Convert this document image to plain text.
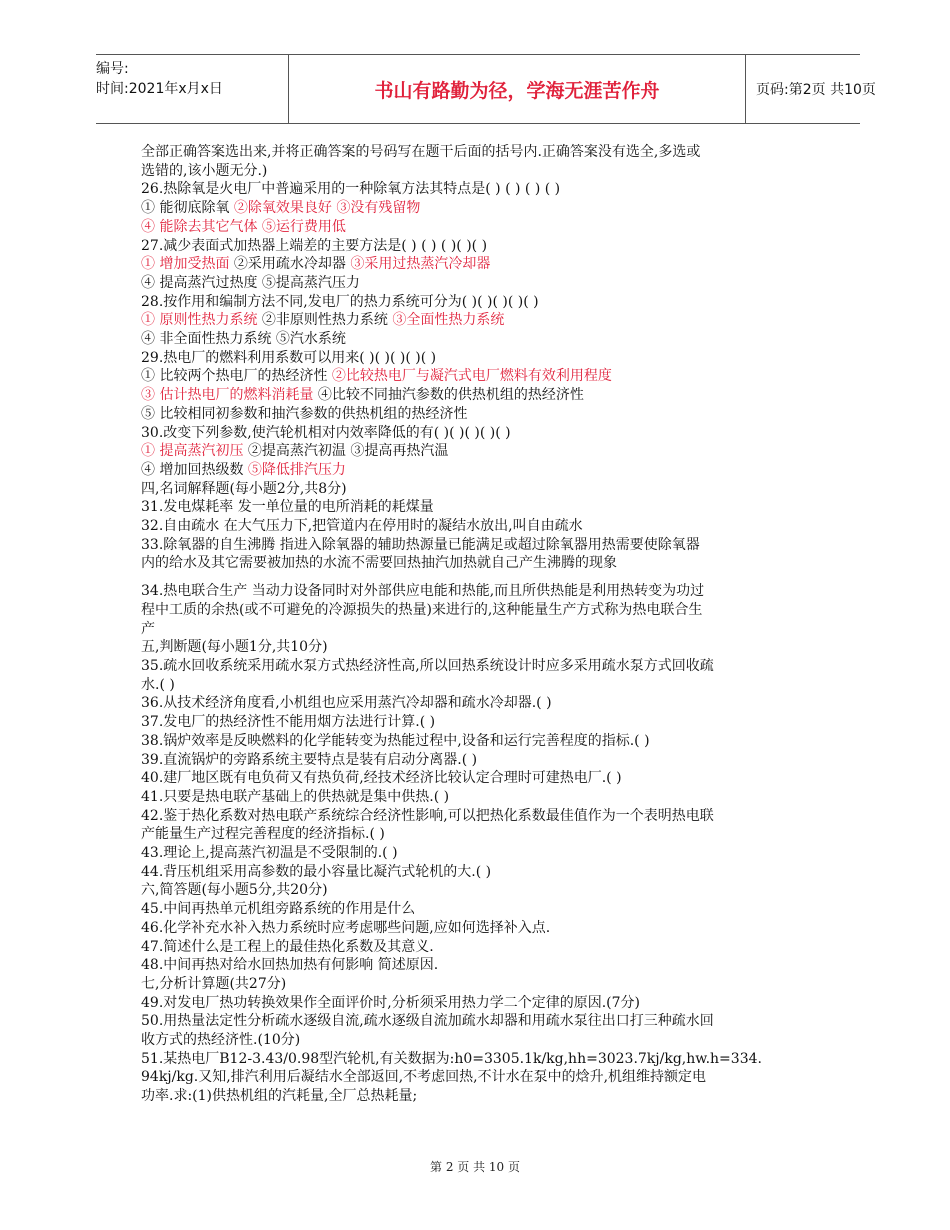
编号:
时间:2021年x月x日	书山有路勤为径，学海无涯苦作舟	页码:第2页 共10页
全部正确答案选出来,并将正确答案的号码写在题干后面的括号内.正确答案没有选全,多选或
选错的,该小题无分.)
26.热除氧是火电厂中普遍采用的一种除氧方法其特点是( ) ( ) ( ) ( )
① 能彻底除氧 ②除氧效果良好 ③没有残留物
④ 能除去其它气体 ⑤运行费用低
27.减少表面式加热器上端差的主要方法是( ) ( ) ( )( )( )
① 增加受热面 ②采用疏水冷却器 ③采用过热蒸汽冷却器
④ 提高蒸汽过热度 ⑤提高蒸汽压力
28.按作用和编制方法不同,发电厂的热力系统可分为( )( )( )( )( )
① 原则性热力系统 ②非原则性热力系统 ③全面性热力系统
④ 非全面性热力系统 ⑤汽水系统
29.热电厂的燃料利用系数可以用来( )( )( )( )( )
① 比较两个热电厂的热经济性 ②比较热电厂与凝汽式电厂燃料有效利用程度
③ 估计热电厂的燃料消耗量 ④比较不同抽汽参数的供热机组的热经济性
⑤ 比较相同初参数和抽汽参数的供热机组的热经济性
30.改变下列参数,使汽轮机相对内效率降低的有( )( )( )( )( )
① 提高蒸汽初压 ②提高蒸汽初温 ③提高再热汽温
④ 增加回热级数 ⑤降低排汽压力
四,名词解释题(每小题2分,共8分)
31.发电煤耗率 发一单位量的电所消耗的耗煤量
32.自由疏水 在大气压力下,把管道内在停用时的凝结水放出,叫自由疏水
33.除氧器的自生沸腾 指进入除氧器的辅助热源量已能满足或超过除氧器用热需要使除氧器
内的给水及其它需要被加热的水流不需要回热抽汽加热就自己产生沸腾的现象
34.热电联合生产 当动力设备同时对外部供应电能和热能,而且所供热能是利用热转变为功过
程中工质的余热(或不可避免的冷源损失的热量)来进行的,这种能量生产方式称为热电联合生
产
五,判断题(每小题1分,共10分)
35.疏水回收系统采用疏水泵方式热经济性高,所以回热系统设计时应多采用疏水泵方式回收疏
水.( )
36.从技术经济角度看,小机组也应采用蒸汽冷却器和疏水冷却器.( )
37.发电厂的热经济性不能用烟方法进行计算.( )
38.锅炉效率是反映燃料的化学能转变为热能过程中,设备和运行完善程度的指标.( )
39.直流锅炉的旁路系统主要特点是装有启动分离器.( )
40.建厂地区既有电负荷又有热负荷,经技术经济比较认定合理时可建热电厂.( )
41.只要是热电联产基础上的供热就是集中供热.( )
42.鉴于热化系数对热电联产系统综合经济性影响,可以把热化系数最佳值作为一个表明热电联
产能量生产过程完善程度的经济指标.( )
43.理论上,提高蒸汽初温是不受限制的.( )
44.背压机组采用高参数的最小容量比凝汽式轮机的大.( )
六,简答题(每小题5分,共20分)
45.中间再热单元机组旁路系统的作用是什么
46.化学补充水补入热力系统时应考虑哪些问题,应如何选择补入点.
47.简述什么是工程上的最佳热化系数及其意义.
48.中间再热对给水回热加热有何影响 简述原因.
七,分析计算题(共27分)
49.对发电厂热功转换效果作全面评价时,分析须采用热力学二个定律的原因.(7分)
50.用热量法定性分析疏水逐级自流,疏水逐级自流加疏水却器和用疏水泵往出口打三种疏水回
收方式的热经济性.(10分)
51.某热电厂B12-3.43/0.98型汽轮机,有关数据为:h0=3305.1k/kg,hh=3023.7kj/kg,hw.h=334.
94kj/kg.又知,排汽利用后凝结水全部返回,不考虑回热,不计水在泵中的焓升,机组维持额定电
功率.求:(1)供热机组的汽耗量,全厂总热耗量;
第 2 页 共 10 页
